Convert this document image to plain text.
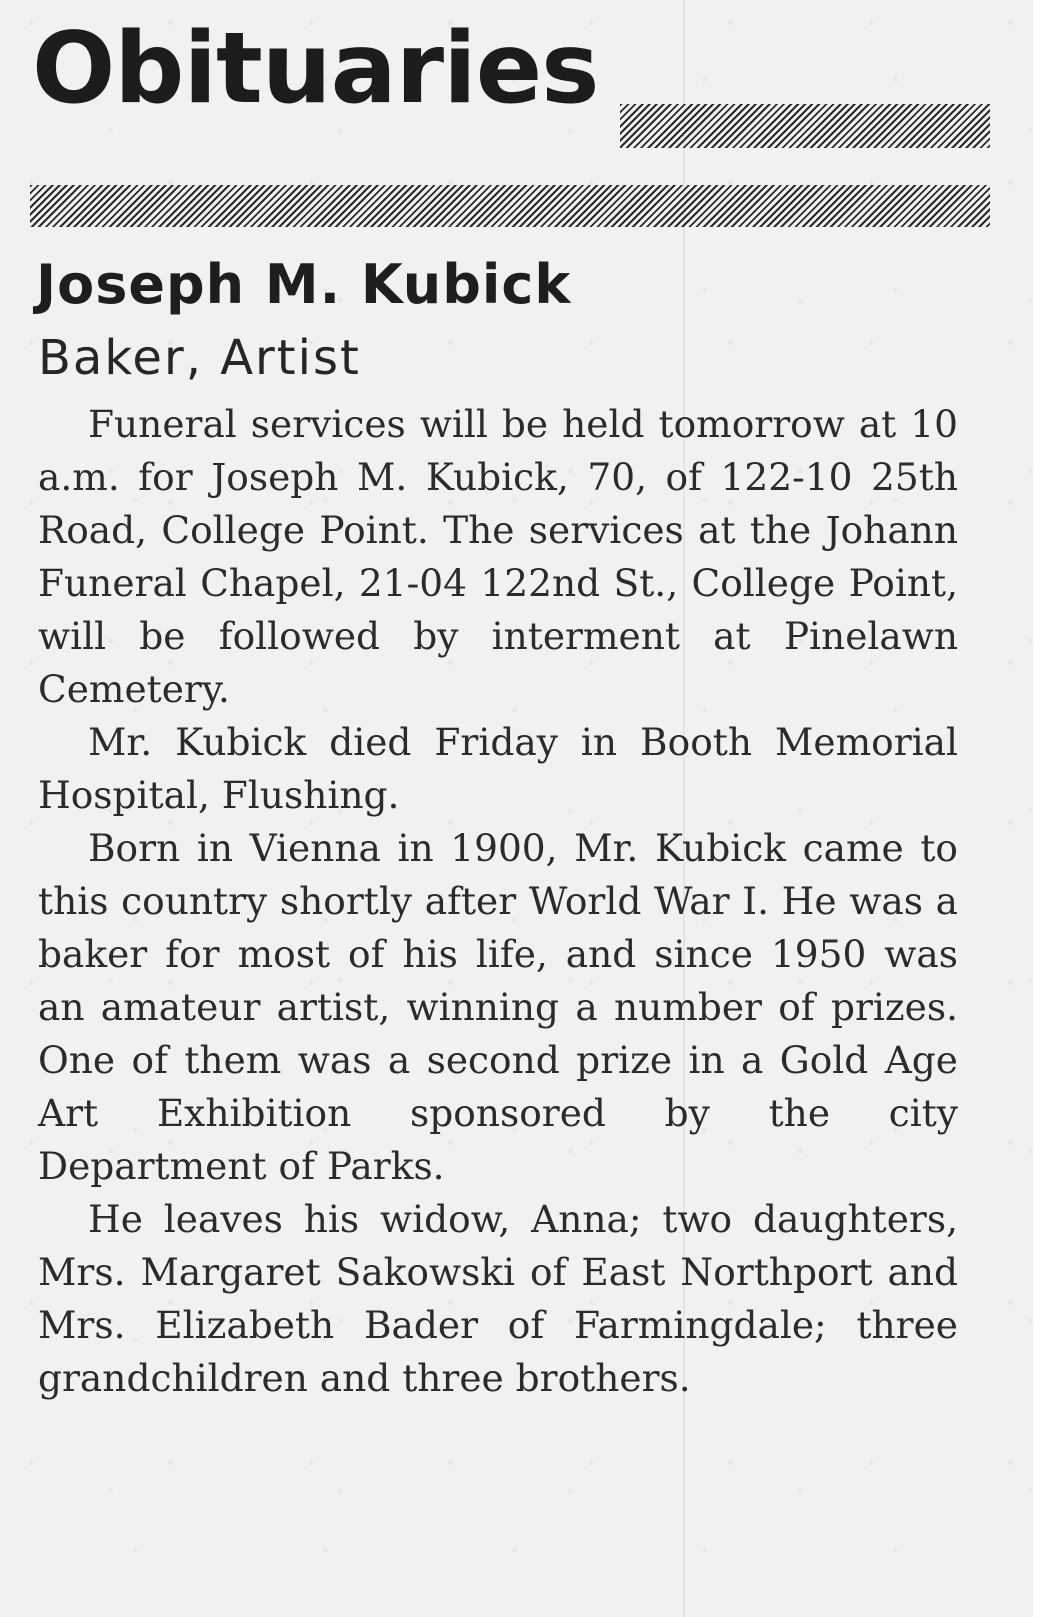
Obituaries
Joseph M. Kubick
Baker, Artist

Funeral services will be held tomorrow at 10 a.m. for Joseph M. Kubick, 70, of 122-10 25th Road, College Point. The services at the Johann Funeral Chapel, 21-04 122nd St., College Point, will be followed by interment at Pinelawn Cemetery.

Mr. Kubick died Friday in Booth Memorial Hospital, Flushing.

Born in Vienna in 1900, Mr. Kubick came to this country shortly after World War I. He was a baker for most of his life, and since 1950 was an amateur artist, winning a number of prizes. One of them was a second prize in a Gold Age Art Exhibition sponsored by the city Department of Parks.

He leaves his widow, Anna; two daughters, Mrs. Margaret Sakowski of East Northport and Mrs. Elizabeth Bader of Farmingdale; three grandchildren and three brothers.
